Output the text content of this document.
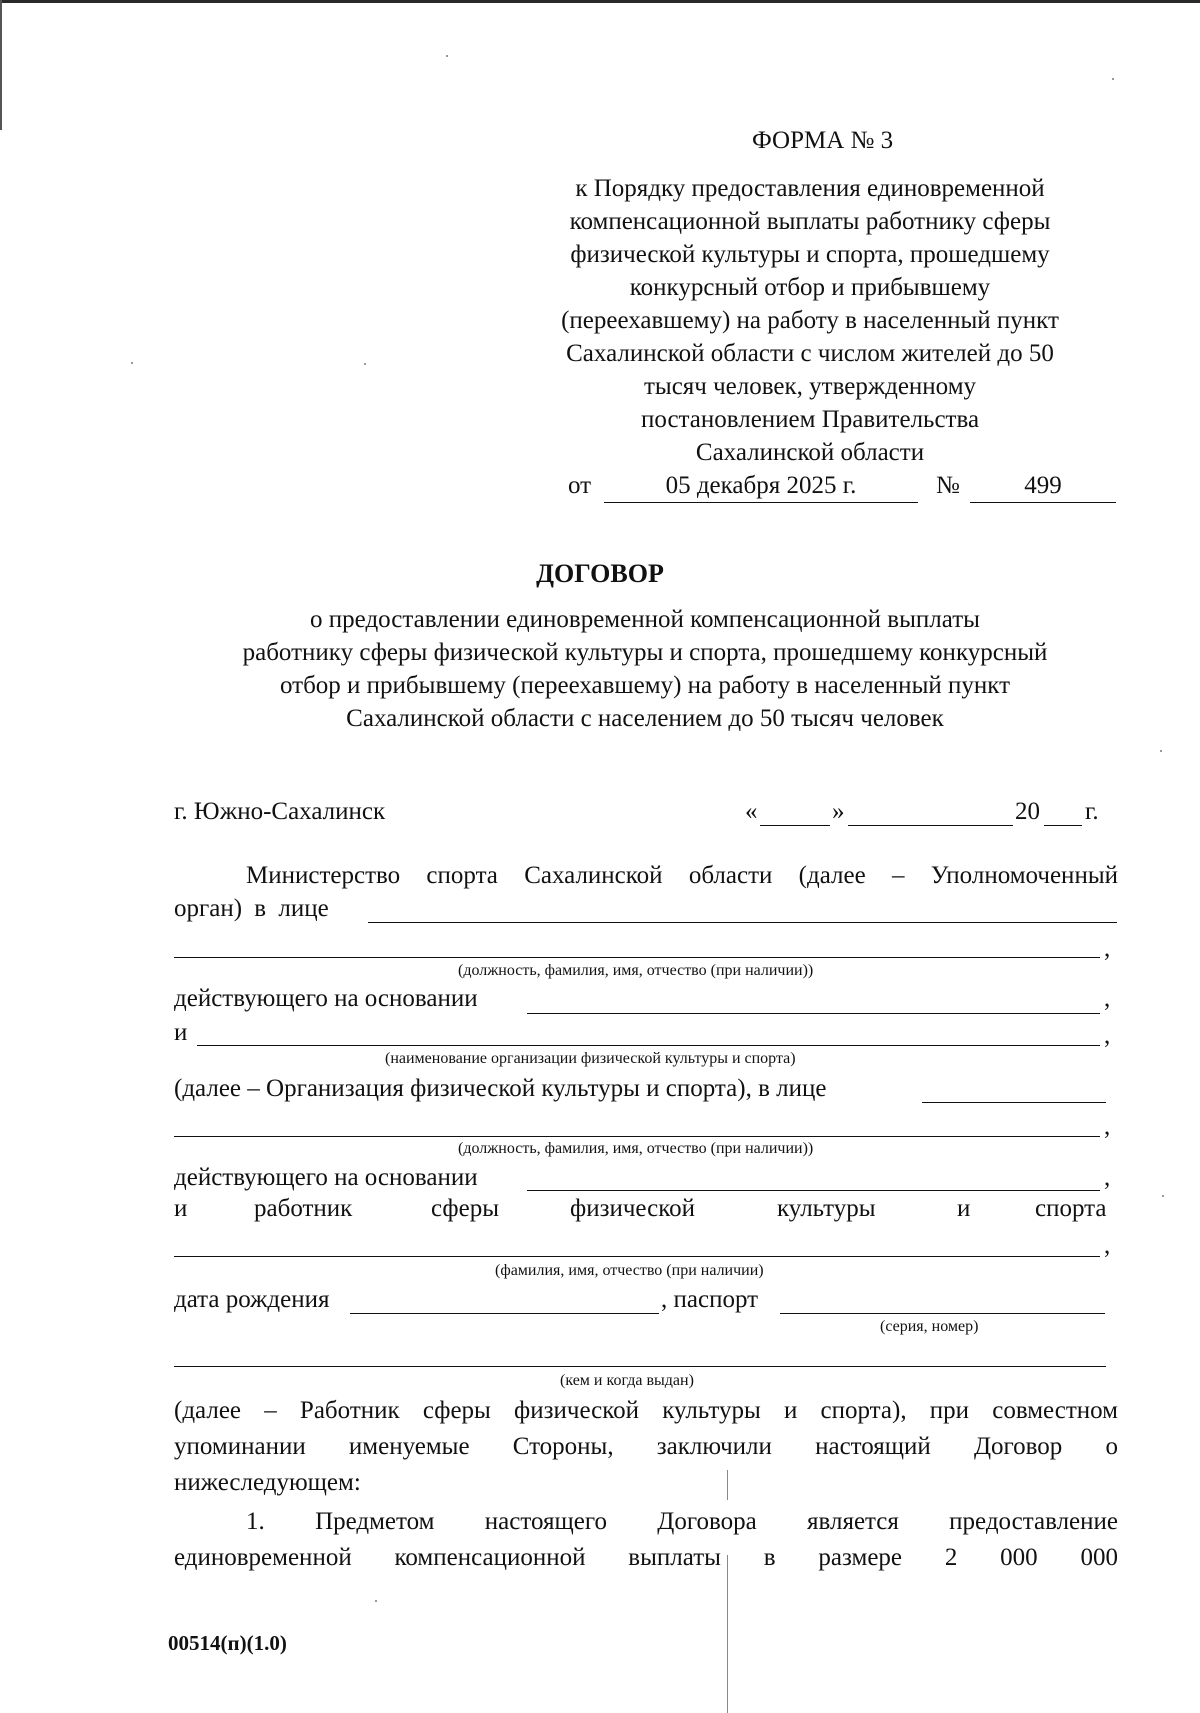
ФОРМА № 3
к Порядку предоставления единовременной
компенсационной выплаты работнику сферы
физической культуры и спорта, прошедшему
конкурсный отбор и прибывшему
(переехавшему) на работу в населенный пункт
Сахалинской области с числом жителей до 50
тысяч человек, утвержденному
постановлением Правительства
Сахалинской области
от	05 декабря 2025 г.	№	499
ДОГОВОР
о предоставлении единовременной компенсационной выплаты
работнику сферы физической культуры и спорта, прошедшему конкурсный
отбор и прибывшему (переехавшему) на работу в населенный пункт
Сахалинской области с населением до 50 тысяч человек
г. Южно-Сахалинск	«	»	20 г.
Министерство спорта Сахалинской области (далее – Уполномоченный
орган) в лице
,
(должность, фамилия, имя, отчество (при наличии))
действующего на основании	,
и	,
(наименование организации физической культуры и спорта)
(далее – Организация физической культуры и спорта), в лице
,
(должность, фамилия, имя, отчество (при наличии))
действующего на основании	,
и	работник	сферы	физической	культуры	и	спорта
,
(фамилия, имя, отчество (при наличии)
дата рождения	, паспорт
(серия, номер)
(кем и когда выдан)
(далее – Работник сферы физической культуры и спорта), при совместном
упоминании именуемые Стороны, заключили настоящий Договор о
нижеследующем:
1. Предметом настоящего Договора является предоставление
единовременной компенсационной выплаты в размере 2 000 000
00514(п)(1.0)
